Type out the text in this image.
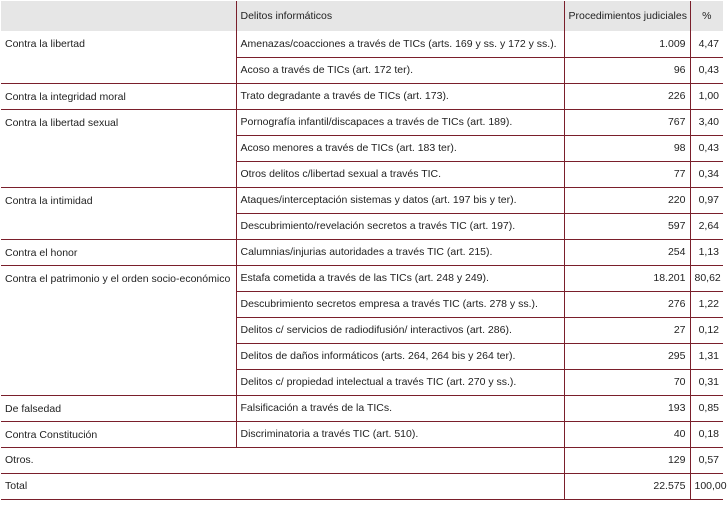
	Delitos informáticos	Procedimientos judiciales	%
Contra la libertad	Amenazas/coacciones a través de TICs (arts. 169 y ss. y 172 y ss.).	1.009	4,47
	Acoso a través de TICs (art. 172 ter).	96	0,43
Contra la integridad moral	Trato degradante a través de TICs (art. 173).	226	1,00
Contra la libertad sexual	Pornografía infantil/discapaces a través de TICs (art. 189).	767	3,40
	Acoso menores a través de TICs (art. 183 ter).	98	0,43
	Otros delitos c/libertad sexual a través TIC.	77	0,34
Contra la intimidad	Ataques/interceptación sistemas y datos (art. 197 bis y ter).	220	0,97
	Descubrimiento/revelación secretos a través TIC (art. 197).	597	2,64
Contra el honor	Calumnias/injurias autoridades a través TIC (art. 215).	254	1,13
Contra el patrimonio y el orden socio-económico	Estafa cometida a través de las TICs (art. 248 y 249).	18.201	80,62
	Descubrimiento secretos empresa a través TIC (arts. 278 y ss.).	276	1,22
	Delitos c/ servicios de radiodifusión/ interactivos (art. 286).	27	0,12
	Delitos de daños informáticos (arts. 264, 264 bis y 264 ter).	295	1,31
	Delitos c/ propiedad intelectual a través TIC (art. 270 y ss.).	70	0,31
De falsedad	Falsificación a través de la TICs.	193	0,85
Contra Constitución	Discriminatoria a través TIC (art. 510).	40	0,18
Otros.		129	0,57
Total		22.575	100,00
